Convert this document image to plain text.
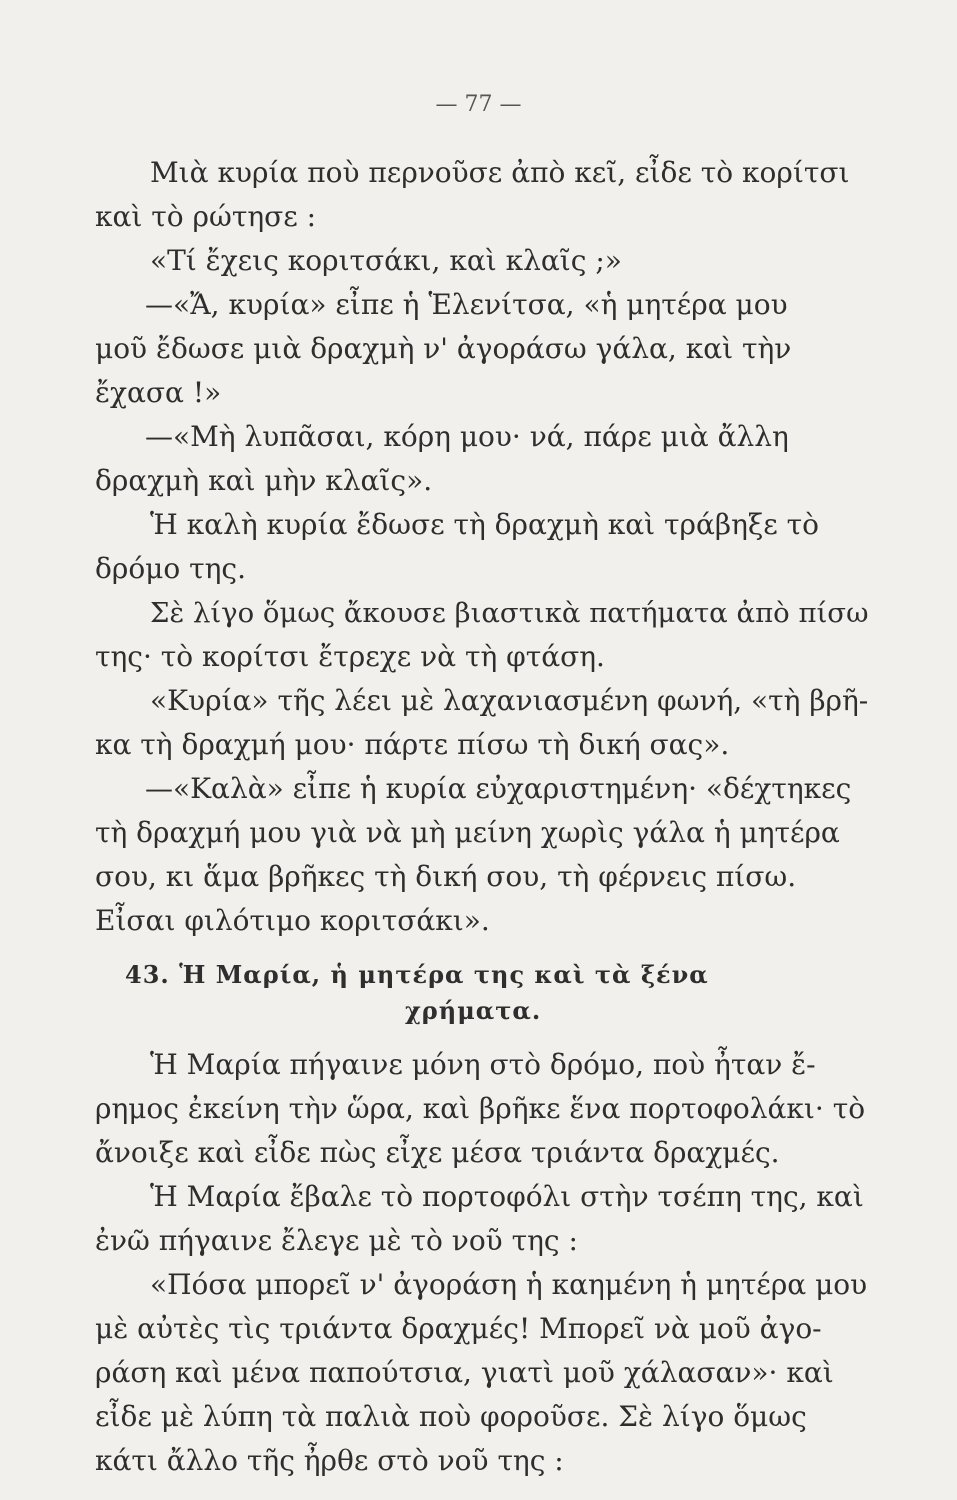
— 77 —
Μιὰ κυρία ποὺ περνοῦσε ἀπὸ κεῖ, εἶδε τὸ κορίτσι
καὶ τὸ ρώτησε :
«Τί ἔχεις κοριτσάκι, καὶ κλαῖς ;»
—«Ἄ, κυρία» εἶπε ἡ Ἑλενίτσα, «ἡ μητέρα μου
μοῦ ἔδωσε μιὰ δραχμὴ ν' ἀγοράσω γάλα, καὶ τὴν
ἔχασα !»
—«Μὴ λυπᾶσαι, κόρη μου· νά, πάρε μιὰ ἄλλη
δραχμὴ καὶ μὴν κλαῖς».
Ἡ καλὴ κυρία ἔδωσε τὴ δραχμὴ καὶ τράβηξε τὸ
δρόμο της.
Σὲ λίγο ὅμως ἄκουσε βιαστικὰ πατήματα ἀπὸ πίσω
της· τὸ κορίτσι ἔτρεχε νὰ τὴ φτάση.
«Κυρία» τῆς λέει μὲ λαχανιασμένη φωνή, «τὴ βρῆ-
κα τὴ δραχμή μου· πάρτε πίσω τὴ δική σας».
—«Καλὰ» εἶπε ἡ κυρία εὐχαριστημένη· «δέχτηκες
τὴ δραχμή μου γιὰ νὰ μὴ μείνη χωρὶς γάλα ἡ μητέρα
σου, κι ἅμα βρῆκες τὴ δική σου, τὴ φέρνεις πίσω.
Εἶσαι φιλότιμο κοριτσάκι».
43. Ἡ Μαρία, ἡ μητέρα της καὶ τὰ ξένα
χρήματα.
Ἡ Μαρία πήγαινε μόνη στὸ δρόμο, ποὺ ἦταν ἔ-
ρημος ἐκείνη τὴν ὥρα, καὶ βρῆκε ἕνα πορτοφολάκι· τὸ
ἄνοιξε καὶ εἶδε πὼς εἶχε μέσα τριάντα δραχμές.
Ἡ Μαρία ἔβαλε τὸ πορτοφόλι στὴν τσέπη της, καὶ
ἐνῶ πήγαινε ἔλεγε μὲ τὸ νοῦ της :
«Πόσα μπορεῖ ν' ἀγοράση ἡ καημένη ἡ μητέρα μου
μὲ αὐτὲς τὶς τριάντα δραχμές! Μπορεῖ νὰ μοῦ ἀγο-
ράση καὶ μένα παπούτσια, γιατὶ μοῦ χάλασαν»· καὶ
εἶδε μὲ λύπη τὰ παλιὰ ποὺ φοροῦσε. Σὲ λίγο ὅμως
κάτι ἄλλο τῆς ἦρθε στὸ νοῦ της :
